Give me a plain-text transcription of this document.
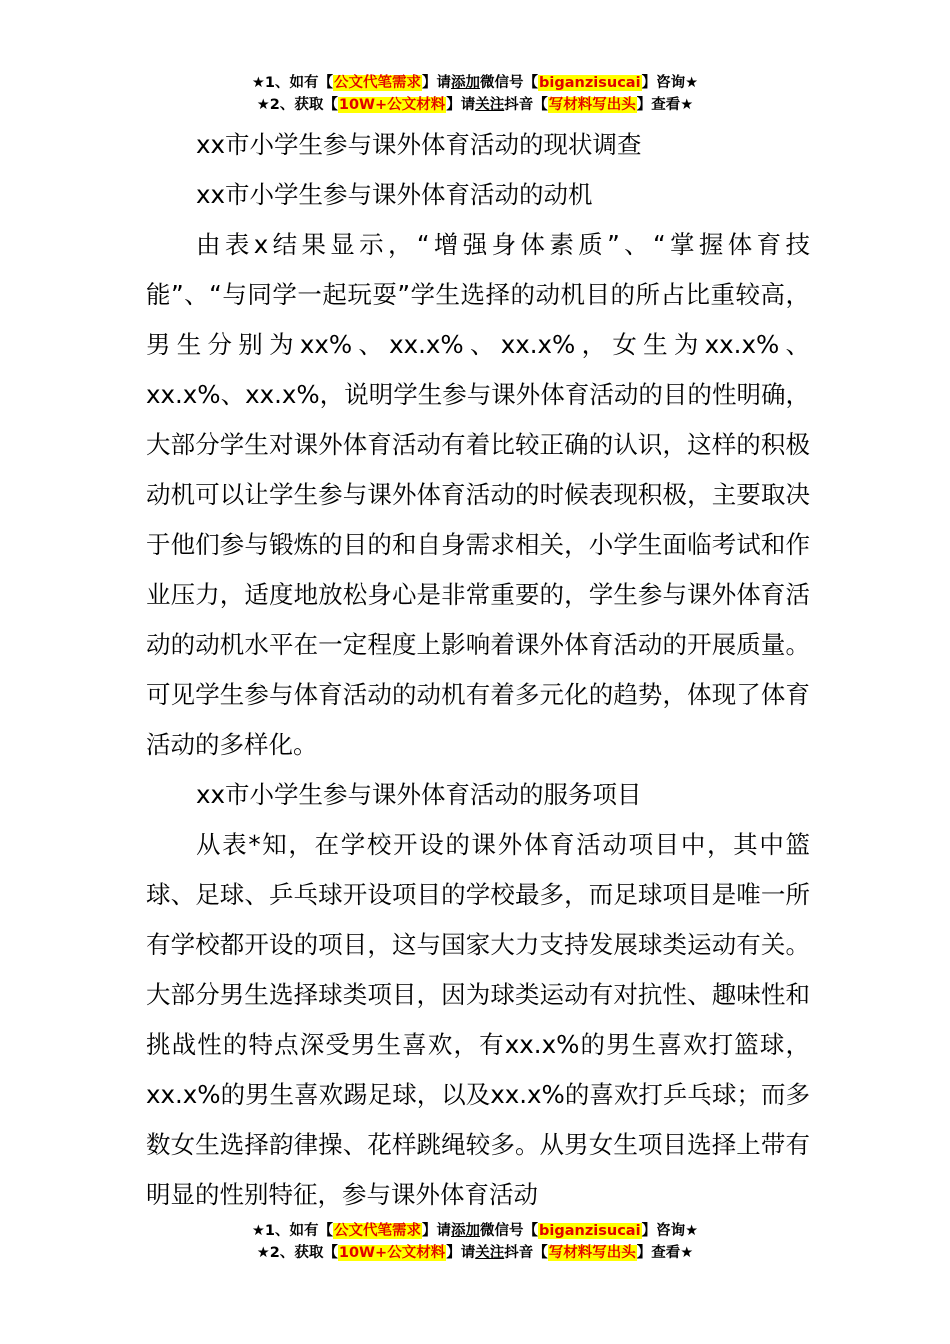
★1、如有【公文代笔需求】请添加微信号【biganzisucai】咨询★
★2、获取【10W+公文材料】请关注抖音【写材料写出头】查看★

xx市小学生参与课外体育活动的现状调查

xx市小学生参与课外体育活动的动机

由表x结果显示，“增强身体素质”、“掌握体育技能”、“与同学一起玩耍”学生选择的动机目的所占比重较高，男生分别为xx%、xx.x%、xx.x%，女生为xx.x%、xx.x%、xx.x%，说明学生参与课外体育活动的目的性明确，大部分学生对课外体育活动有着比较正确的认识，这样的积极动机可以让学生参与课外体育活动的时候表现积极，主要取决于他们参与锻炼的目的和自身需求相关，小学生面临考试和作业压力，适度地放松身心是非常重要的，学生参与课外体育活动的动机水平在一定程度上影响着课外体育活动的开展质量。可见学生参与体育活动的动机有着多元化的趋势，体现了体育活动的多样化。

xx市小学生参与课外体育活动的服务项目

从表*知，在学校开设的课外体育活动项目中，其中篮球、足球、乒乓球开设项目的学校最多，而足球项目是唯一所有学校都开设的项目，这与国家大力支持发展球类运动有关。大部分男生选择球类项目，因为球类运动有对抗性、趣味性和挑战性的特点深受男生喜欢，有xx.x%的男生喜欢打篮球，xx.x%的男生喜欢踢足球，以及xx.x%的喜欢打乒乓球；而多数女生选择韵律操、花样跳绳较多。从男女生项目选择上带有明显的性别特征，参与课外体育活动

★1、如有【公文代笔需求】请添加微信号【biganzisucai】咨询★
★2、获取【10W+公文材料】请关注抖音【写材料写出头】查看★
